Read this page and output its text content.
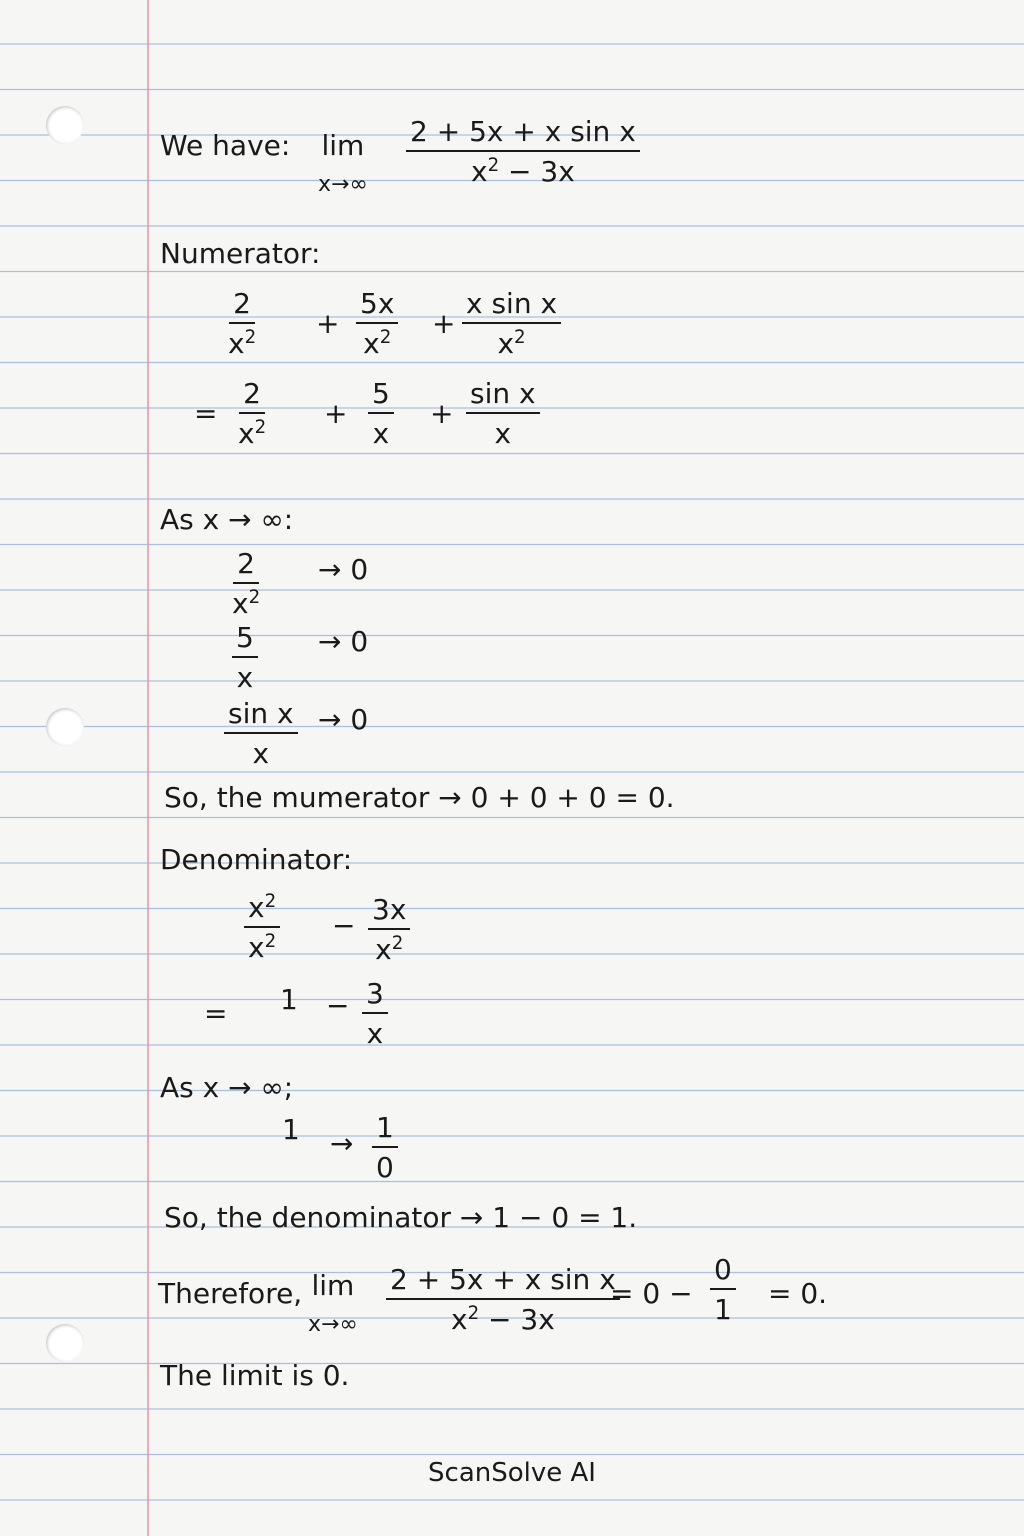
We have: lim
$x\to\infty \frac{\text{2 + 5x + x sin x}}{x^2 - 3x}$
Numerator:
$\frac{2}{x^2} + \frac{5x}{x^2} + \frac{\text{x sin x}}{x^2}$
= $\frac{2}{x^2} + \frac{5}{x} + \frac{\text{sin x}}{x}$
As x → ∞:
$\frac{2}{x^2} \to 0$
$\frac{5}{x} \to 0$
$\frac{\text{sin x}}{x} \to 0$
So, the mumerator → 0 + 0 + 0 = 0.
Denominator:
$\frac{x^2}{x^2} - \frac{3x}{x^2}$
= $1 - \frac{3}{x}$
As x → ∞;
$1 \to \frac{1}{0}$
So, the denominator → 1 − 0 = 1.
Therefore, lim
$x\to\infty \frac{\text{2 + 5x + x sin x}}{x^2 - 3x}$
= $0 - \frac{0}{1} = 0$.
The limit is 0.
ScanSolve AI
